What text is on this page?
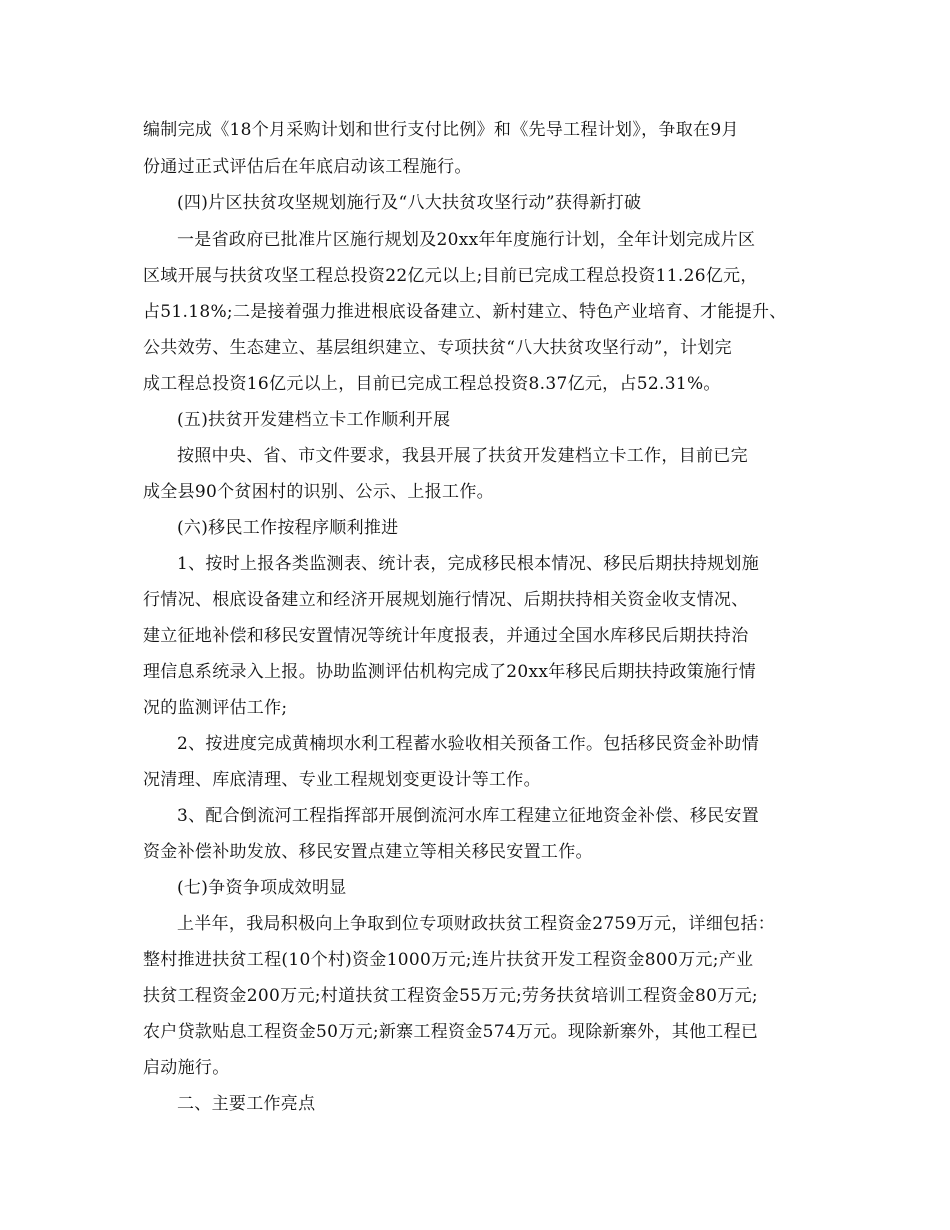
编制完成《18个月采购计划和世行支付比例》和《先导工程计划》，争取在9月
份通过正式评估后在年底启动该工程施行。
(四)片区扶贫攻坚规划施行及“八大扶贫攻坚行动”获得新打破
一是省政府已批准片区施行规划及20xx年年度施行计划，全年计划完成片区
区域开展与扶贫攻坚工程总投资22亿元以上;目前已完成工程总投资11.26亿元，
占51.18%;二是接着强力推进根底设备建立、新村建立、特色产业培育、才能提升、
公共效劳、生态建立、基层组织建立、专项扶贫“八大扶贫攻坚行动”，计划完
成工程总投资16亿元以上，目前已完成工程总投资8.37亿元，占52.31%。
(五)扶贫开发建档立卡工作顺利开展
按照中央、省、市文件要求，我县开展了扶贫开发建档立卡工作，目前已完
成全县90个贫困村的识别、公示、上报工作。
(六)移民工作按程序顺利推进
1、按时上报各类监测表、统计表，完成移民根本情况、移民后期扶持规划施
行情况、根底设备建立和经济开展规划施行情况、后期扶持相关资金收支情况、
建立征地补偿和移民安置情况等统计年度报表，并通过全国水库移民后期扶持治
理信息系统录入上报。协助监测评估机构完成了20xx年移民后期扶持政策施行情
况的监测评估工作;
2、按进度完成黄楠坝水利工程蓄水验收相关预备工作。包括移民资金补助情
况清理、库底清理、专业工程规划变更设计等工作。
3、配合倒流河工程指挥部开展倒流河水库工程建立征地资金补偿、移民安置
资金补偿补助发放、移民安置点建立等相关移民安置工作。
(七)争资争项成效明显
上半年，我局积极向上争取到位专项财政扶贫工程资金2759万元，详细包括：
整村推进扶贫工程(10个村)资金1000万元;连片扶贫开发工程资金800万元;产业
扶贫工程资金200万元;村道扶贫工程资金55万元;劳务扶贫培训工程资金80万元;
农户贷款贴息工程资金50万元;新寨工程资金574万元。现除新寨外，其他工程已
启动施行。
二、主要工作亮点
